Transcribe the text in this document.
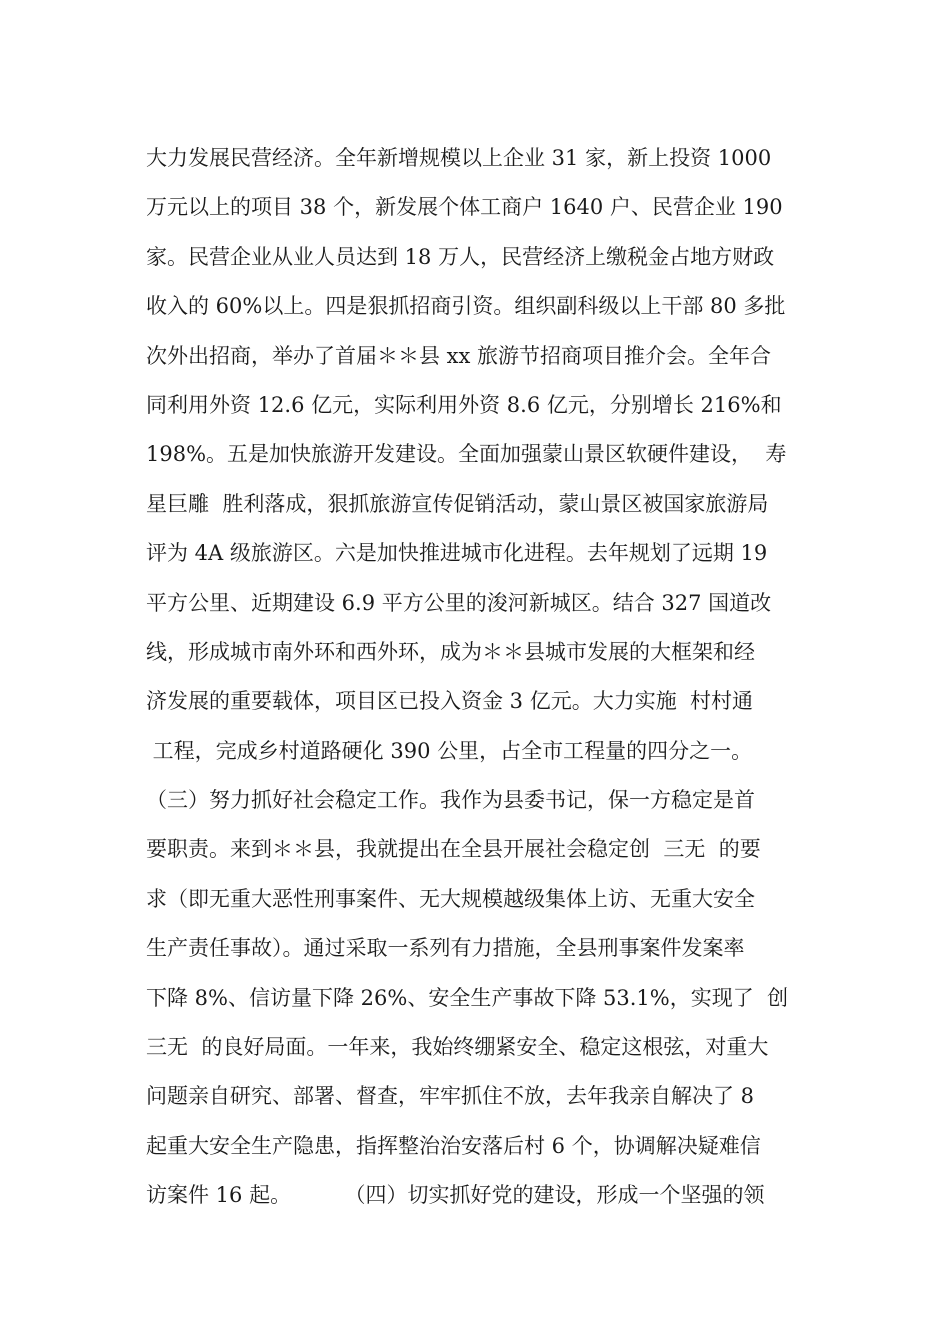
大力发展民营经济。全年新增规模以上企业 31 家，新上投资 1000
万元以上的项目 38 个，新发展个体工商户 1640 户、民营企业 190
家。民营企业从业人员达到 18 万人，民营经济上缴税金占地方财政
收入的 60%以上。四是狠抓招商引资。组织副科级以上干部 80 多批
次外出招商，举办了首届＊＊县 xx 旅游节招商项目推介会。全年合
同利用外资 12.6 亿元，实际利用外资 8.6 亿元，分别增长 216%和
198%。五是加快旅游开发建设。全面加强蒙山景区软硬件建设，  寿
星巨雕  胜利落成，狠抓旅游宣传促销活动，蒙山景区被国家旅游局
评为 4A 级旅游区。六是加快推进城市化进程。去年规划了远期 19
平方公里、近期建设 6.9 平方公里的浚河新城区。结合 327 国道改
线，形成城市南外环和西外环，成为＊＊县城市发展的大框架和经
济发展的重要载体，项目区已投入资金 3 亿元。大力实施  村村通
工程，完成乡村道路硬化 390 公里，占全市工程量的四分之一。
（三）努力抓好社会稳定工作。我作为县委书记，保一方稳定是首
要职责。来到＊＊县，我就提出在全县开展社会稳定创  三无  的要
求（即无重大恶性刑事案件、无大规模越级集体上访、无重大安全
生产责任事故）。通过采取一系列有力措施，全县刑事案件发案率
下降 8%、信访量下降 26%、安全生产事故下降 53.1%，实现了  创
三无  的良好局面。一年来，我始终绷紧安全、稳定这根弦，对重大
问题亲自研究、部署、督查，牢牢抓住不放，去年我亲自解决了 8
起重大安全生产隐患，指挥整治治安落后村 6 个，协调解决疑难信
访案件 16 起。        （四）切实抓好党的建设，形成一个坚强的领
